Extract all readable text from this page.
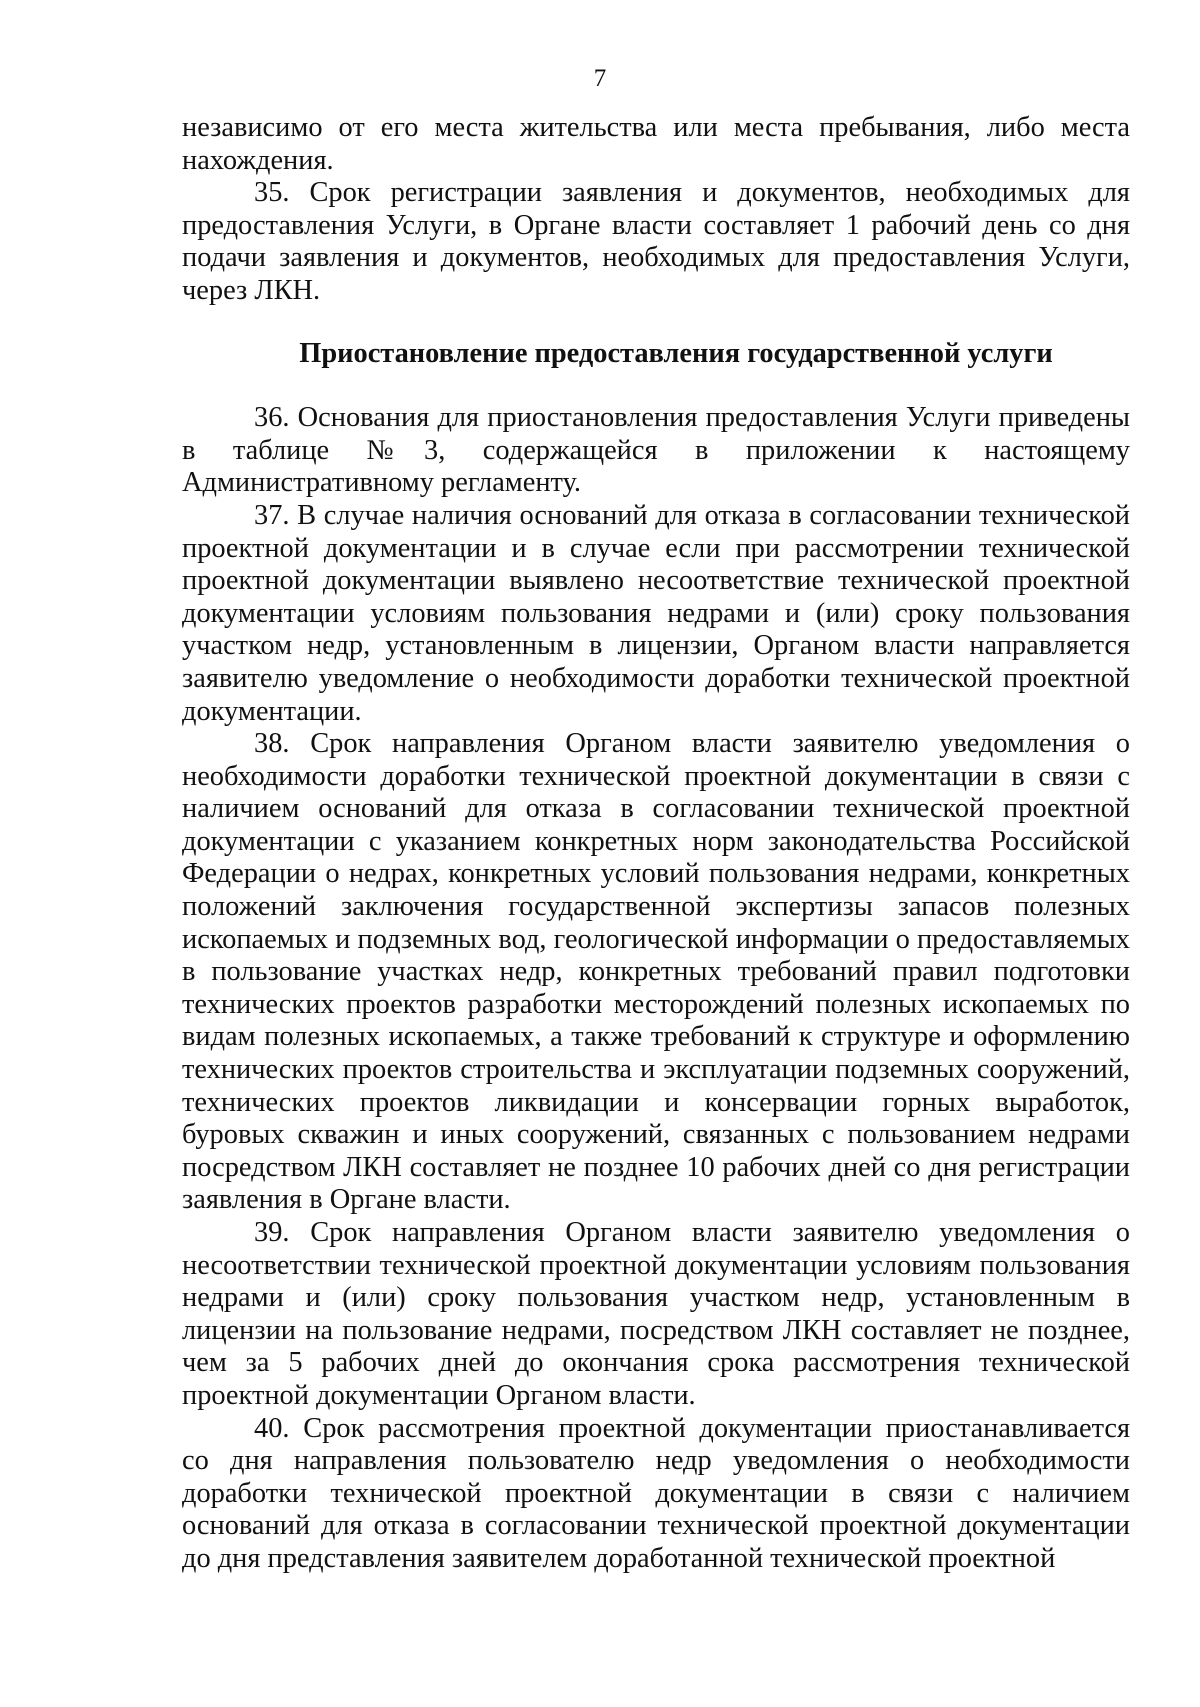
7

независимо от его места жительства или места пребывания, либо места нахождения.

35. Срок регистрации заявления и документов, необходимых для предоставления Услуги, в Органе власти составляет 1 рабочий день со дня подачи заявления и документов, необходимых для предоставления Услуги, через ЛКН.

Приостановление предоставления государственной услуги

36. Основания для приостановления предоставления Услуги приведены в таблице №3, содержащейся в приложении к настоящему Административному регламенту.

37. В случае наличия оснований для отказа в согласовании технической проектной документации и в случае если при рассмотрении технической проектной документации выявлено несоответствие технической проектной документации условиям пользования недрами и (или) сроку пользования участком недр, установленным в лицензии, Органом власти направляется заявителю уведомление о необходимости доработки технической проектной документации.

38. Срок направления Органом власти заявителю уведомления о необходимости доработки технической проектной документации в связи с наличием оснований для отказа в согласовании технической проектной документации с указанием конкретных норм законодательства Российской Федерации о недрах, конкретных условий пользования недрами, конкретных положений заключения государственной экспертизы запасов полезных ископаемых и подземных вод, геологической информации о предоставляемых в пользование участках недр, конкретных требований правил подготовки технических проектов разработки месторождений полезных ископаемых по видам полезных ископаемых, а также требований к структуре и оформлению технических проектов строительства и эксплуатации подземных сооружений, технических проектов ликвидации и консервации горных выработок, буровых скважин и иных сооружений, связанных с пользованием недрами посредством ЛКН составляет не позднее 10 рабочих дней со дня регистрации заявления в Органе власти.

39. Срок направления Органом власти заявителю уведомления о несоответствии технической проектной документации условиям пользования недрами и (или) сроку пользования участком недр, установленным в лицензии на пользование недрами, посредством ЛКН составляет не позднее, чем за 5 рабочих дней до окончания срока рассмотрения технической проектной документации Органом власти.

40. Срок рассмотрения проектной документации приостанавливается со дня направления пользователю недр уведомления о необходимости доработки технической проектной документации в связи с наличием оснований для отказа в согласовании технической проектной документации до дня представления заявителем доработанной технической проектной
